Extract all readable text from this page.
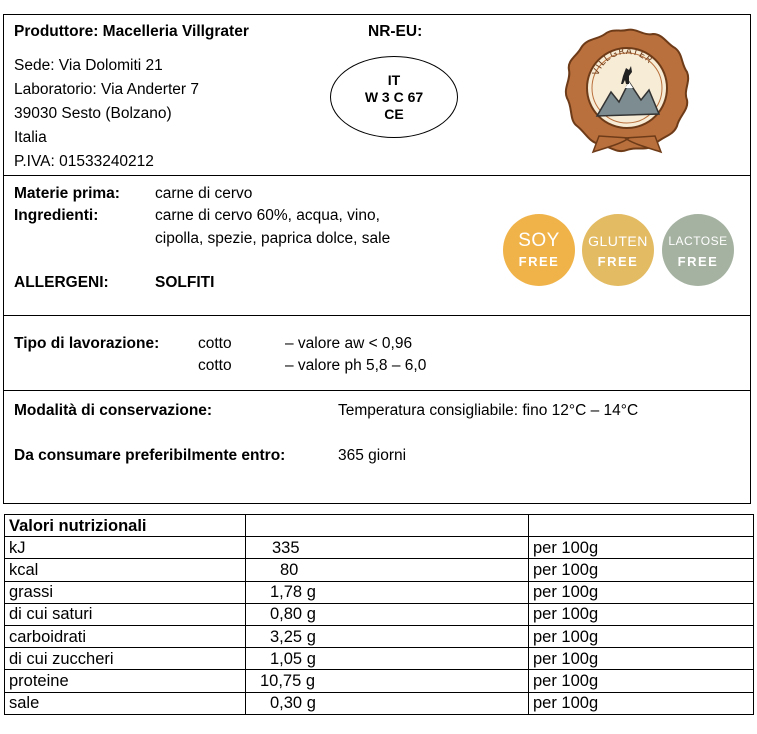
Produttore: Macelleria Villgrater	NR-EU:
Sede: Via Dolomiti 21
Laboratorio: Via Anderter 7
39030 Sesto (Bolzano)
Italia
P.IVA: 01533240212
IT
W 3 C 67
CE
VILLGRATER
Materie prima: carne di cervo
Ingredienti:	carne di cervo 60%, acqua, vino,
cipolla, spezie, paprica dolce, sale
ALLERGENI:	SOLFITI
SOY
FREE
GLUTEN
FREE
LACTOSE
FREE
Tipo di lavorazione: cotto	– valore aw < 0,96
cotto	– valore ph 5,8 – 6,0
Modalità di conservazione:	Temperatura consigliabile: fino 12°C – 14°C
Da consumare preferibilmente entro:	365 giorni
Valori nutrizionali		
kJ	335	per 100g
kcal	80	per 100g
grassi	1,78 g	per 100g
di cui saturi	0,80 g	per 100g
carboidrati	3,25 g	per 100g
di cui zuccheri	1,05 g	per 100g
proteine	10,75 g	per 100g
sale	0,30 g	per 100g
